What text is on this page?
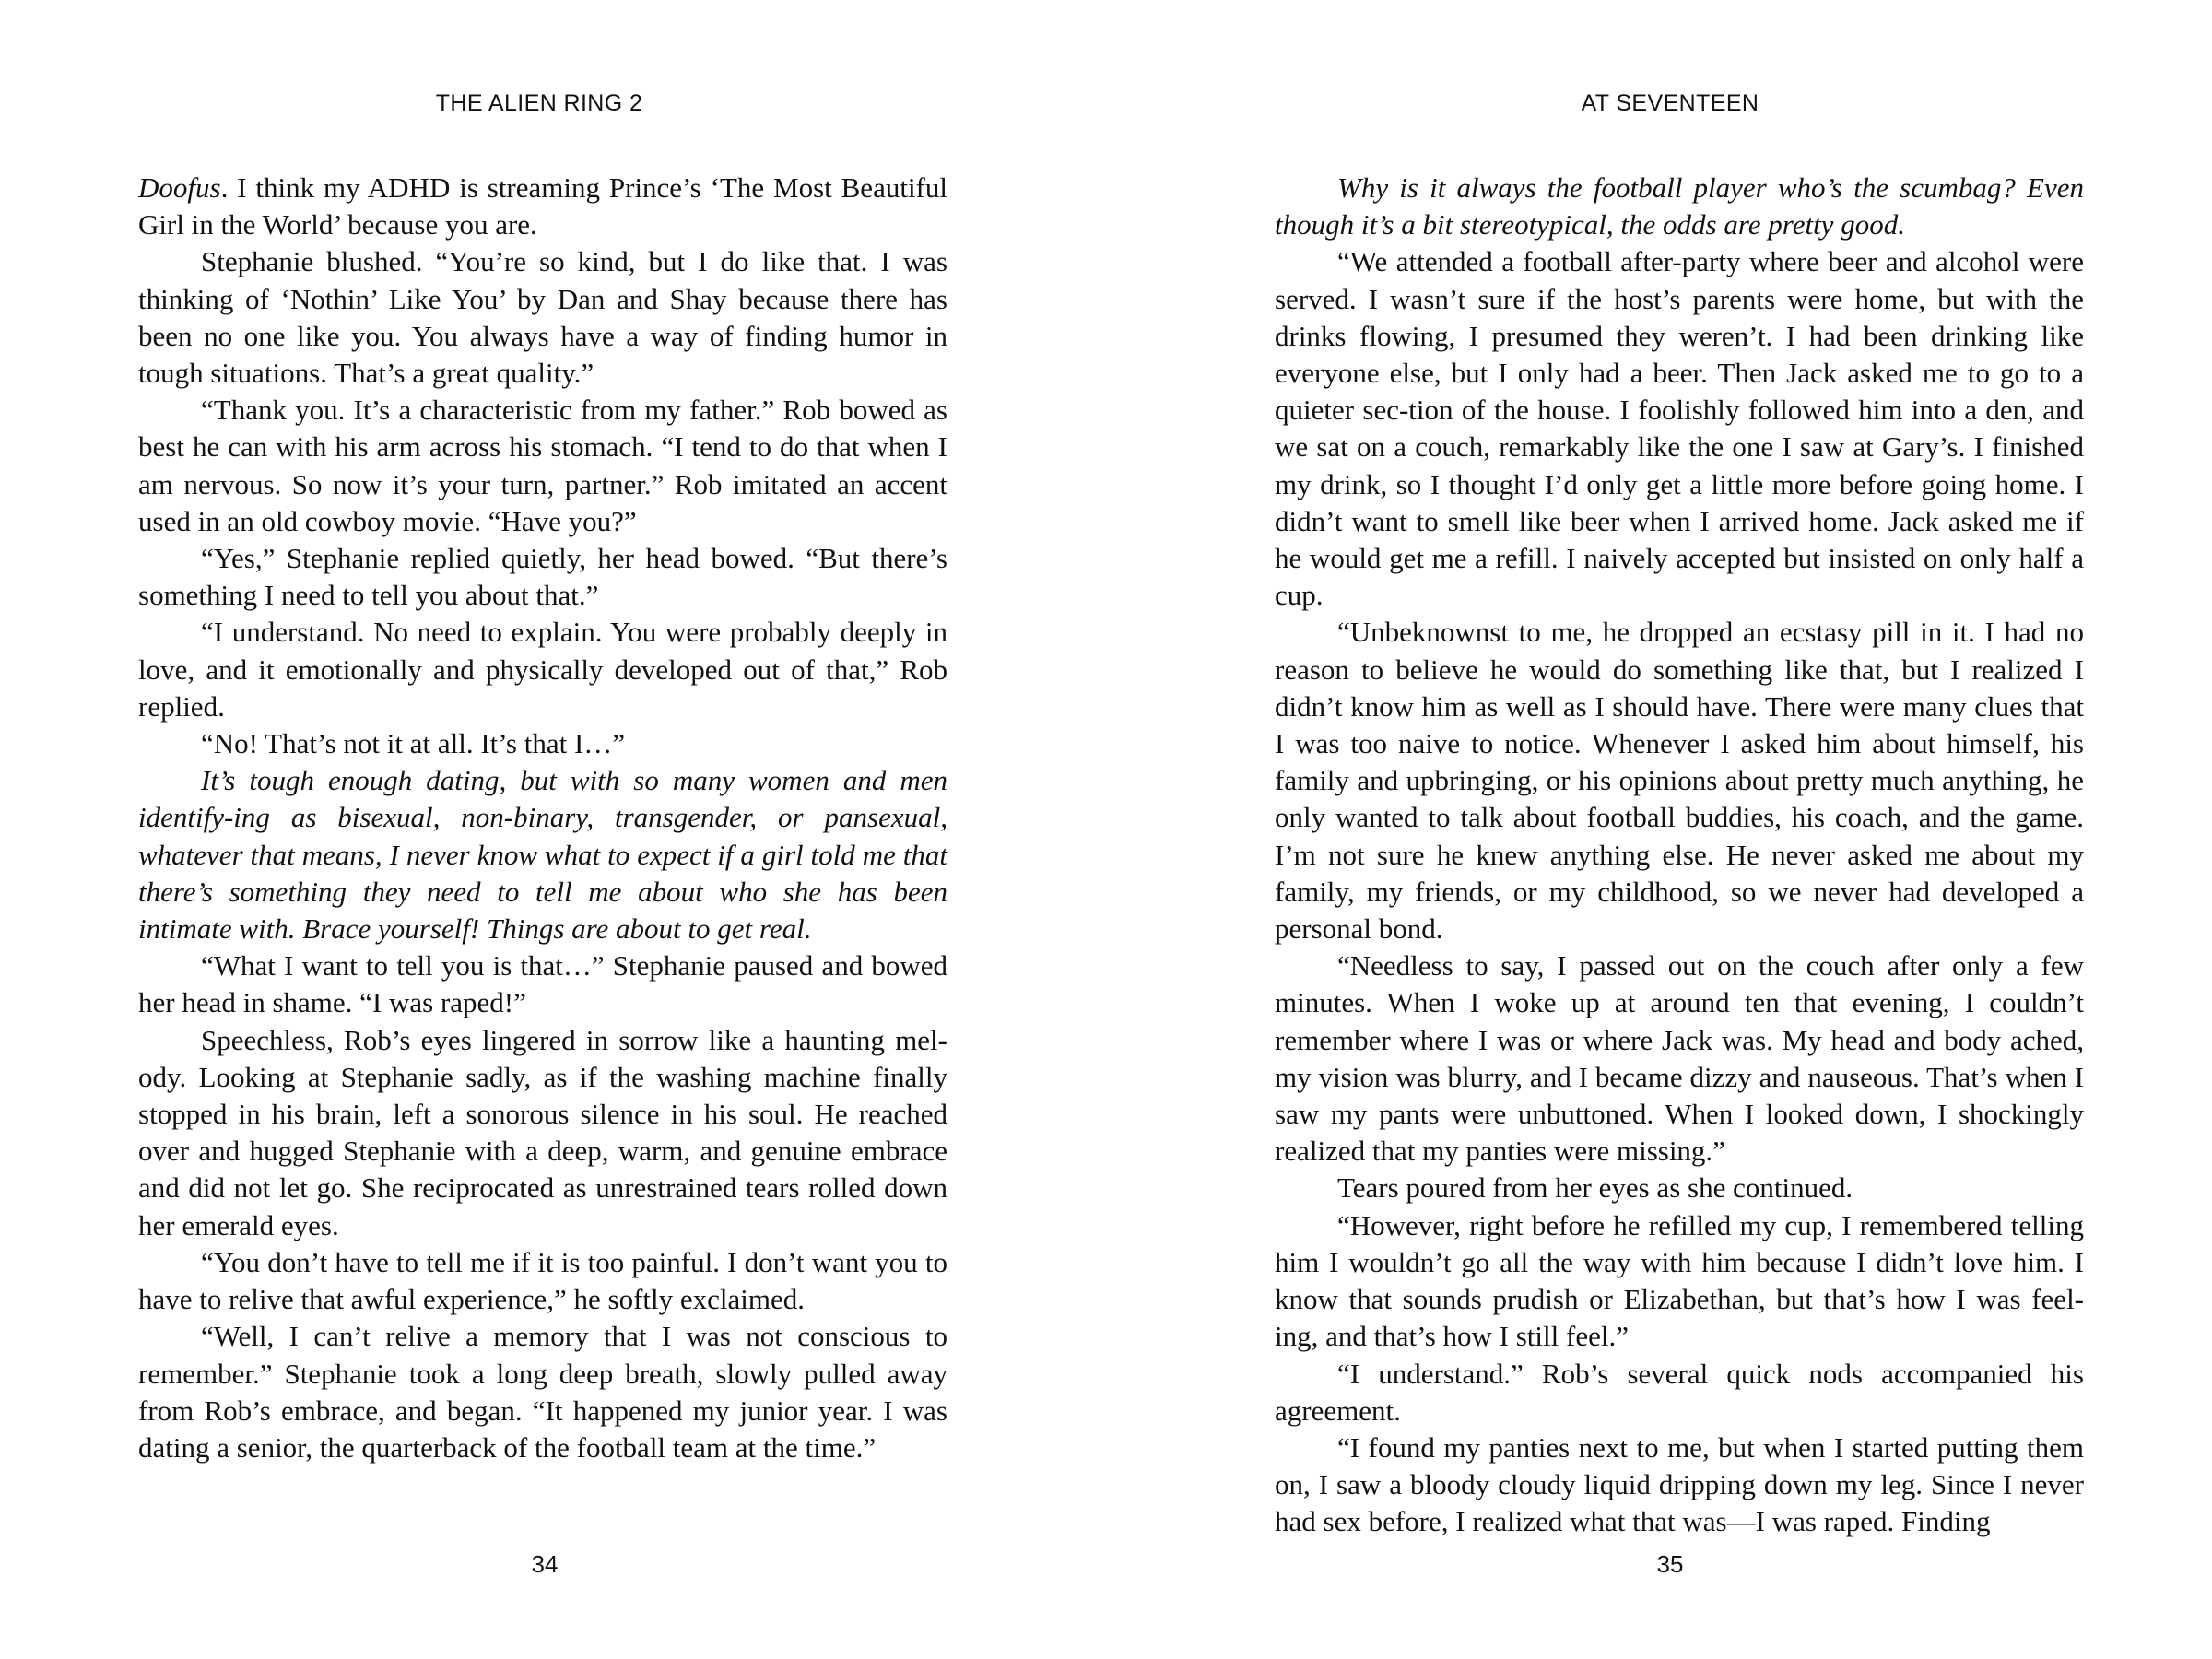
THE ALIEN RING 2

Doofus. I think my ADHD is streaming Prince’s ‘The Most Beautiful Girl in the World’ because you are.

Stephanie blushed. “You’re so kind, but I do like that. I was thinking of ‘Nothin’ Like You’ by Dan and Shay because there has been no one like you. You always have a way of finding humor in tough situations. That’s a great quality.”

“Thank you. It’s a characteristic from my father.” Rob bowed as best he can with his arm across his stomach. “I tend to do that when I am nervous. So now it’s your turn, partner.” Rob imitated an accent used in an old cowboy movie. “Have you?”

“Yes,” Stephanie replied quietly, her head bowed. “But there’s something I need to tell you about that.”

“I understand. No need to explain. You were probably deeply in love, and it emotionally and physically developed out of that,” Rob replied.

“No! That’s not it at all. It’s that I…”

It’s tough enough dating, but with so many women and men identify-ing as bisexual, non-binary, transgender, or pansexual, whatever that means, I never know what to expect if a girl told me that there’s something they need to tell me about who she has been intimate with. Brace yourself! Things are about to get real.

“What I want to tell you is that…” Stephanie paused and bowed her head in shame. “I was raped!”

Speechless, Rob’s eyes lingered in sorrow like a haunting mel-ody. Looking at Stephanie sadly, as if the washing machine finally stopped in his brain, left a sonorous silence in his soul. He reached over and hugged Stephanie with a deep, warm, and genuine embrace and did not let go. She reciprocated as unrestrained tears rolled down her emerald eyes.

“You don’t have to tell me if it is too painful. I don’t want you to have to relive that awful experience,” he softly exclaimed.

“Well, I can’t relive a memory that I was not conscious to remember.” Stephanie took a long deep breath, slowly pulled away from Rob’s embrace, and began. “It happened my junior year. I was dating a senior, the quarterback of the football team at the time.”

34
AT SEVENTEEN

Why is it always the football player who’s the scumbag? Even though it’s a bit stereotypical, the odds are pretty good.

“We attended a football after-party where beer and alcohol were served. I wasn’t sure if the host’s parents were home, but with the drinks flowing, I presumed they weren’t. I had been drinking like everyone else, but I only had a beer. Then Jack asked me to go to a quieter sec-tion of the house. I foolishly followed him into a den, and we sat on a couch, remarkably like the one I saw at Gary’s. I finished my drink, so I thought I’d only get a little more before going home. I didn’t want to smell like beer when I arrived home. Jack asked me if he would get me a refill. I naively accepted but insisted on only half a cup.

“Unbeknownst to me, he dropped an ecstasy pill in it. I had no reason to believe he would do something like that, but I realized I didn’t know him as well as I should have. There were many clues that I was too naive to notice. Whenever I asked him about himself, his family and upbringing, or his opinions about pretty much anything, he only wanted to talk about football buddies, his coach, and the game. I’m not sure he knew anything else. He never asked me about my family, my friends, or my childhood, so we never had developed a personal bond.

“Needless to say, I passed out on the couch after only a few minutes. When I woke up at around ten that evening, I couldn’t remember where I was or where Jack was. My head and body ached, my vision was blurry, and I became dizzy and nauseous. That’s when I saw my pants were unbuttoned. When I looked down, I shockingly realized that my panties were missing.”

Tears poured from her eyes as she continued.

“However, right before he refilled my cup, I remembered telling him I wouldn’t go all the way with him because I didn’t love him. I know that sounds prudish or Elizabethan, but that’s how I was feel-ing, and that’s how I still feel.”

“I understand.” Rob’s several quick nods accompanied his agreement.

“I found my panties next to me, but when I started putting them on, I saw a bloody cloudy liquid dripping down my leg. Since I never had sex before, I realized what that was—I was raped. Finding

35
